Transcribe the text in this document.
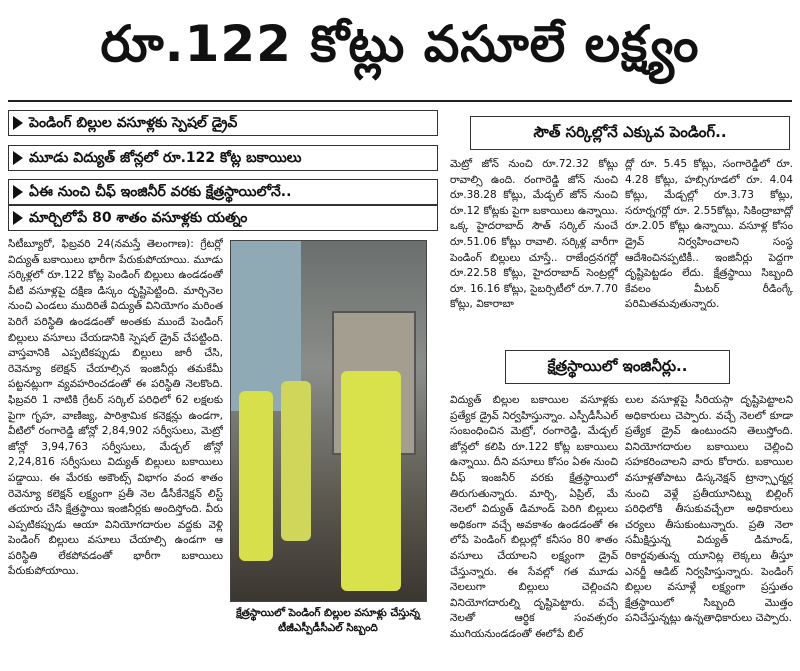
రూ.122 కోట్లు వసూలే లక్ష్యం
పెండింగ్ బిల్లుల వసూళ్లకు స్పెషల్ డ్రైవ్
మూడు విద్యుత్ జోన్లలో రూ.122 కోట్ల బకాయిలు
ఏఈ నుంచి చీఫ్ ఇంజినీర్ వరకు క్షేత్రస్థాయిలోనే..
మార్చిలోపే 80 శాతం వసూళ్లకు యత్నం
సిటీబ్యూరో, ఫిబ్రవరి 24(నమస్తే తెలంగాణ): గ్రేటర్లో విద్యుత్ బకాయిలు భారీగా పేరుకుపోయాయి. మూడు సర్కిళ్లలో రూ.122 కోట్ల పెండింగ్ బిల్లులు ఉండడంతో వీటి వసూళ్లపై దక్షిణ డిస్కం దృష్టిపెట్టింది. మార్చినెల నుంచి ఎండలు ముదిరితే విద్యుత్ వినియోగం మరింత పెరిగే పరిస్థితి ఉండడంతో అంతకు ముందే పెండింగ్ బిల్లులు వసూలు చేయడానికి స్పెషల్ డ్రైవ్ చేపట్టింది. వాస్తవానికి ఎప్పటికప్పుడు బిల్లులు జారీ చేసి, రెవెన్యూ కలెక్షన్ చేయాల్సిన ఇంజినీర్లు తమకేమీ పట్టనట్లుగా వ్యవహరించడంతో ఈ పరిస్థితి నెలకొంది. ఫిబ్రవరి 1 నాటికి గ్రేటర్ సర్కిల్ పరిధిలో 62 లక్షలకు పైగా గృహ, వాణిజ్య, పారిశ్రామిక కనెక్షన్లు ఉండగా, వీటిలో రంగారెడ్డి జోన్లో 2,84,902 సర్వీసులు, మెట్రో జోన్లో 3,94,763 సర్వీసులు, మేడ్చల్ జోన్లో 2,24,816 సర్వీసులు విద్యుత్ బిల్లులు బకాయిలు పడ్డాయి. ఈ మేరకు అకౌంట్స్ విభాగం వంద శాతం రెవెన్యూ కలెక్షన్ లక్ష్యంగా ప్రతీ నెల డీసీకేనెక్షన్ లిస్ట్ తయారు చేసి క్షేత్రస్థాయి ఇంజినీర్లకు అందిస్తోంది. వీరు ఎప్పటికప్పుడు ఆయా వినియోగదారుల వద్దకు వెళ్లి పెండింగ్ బిల్లులు వసూలు చేయాల్సి ఉండగా ఆ పరిస్థితి లేకపోవడంతో భారీగా బకాయిలు పేరుకుపోయాయి.
క్షేత్రస్థాయిలో పెండింగ్ బిల్లుల వసూళ్లు చేస్తున్న టీజీఎస్పీడీసీఎల్ సిబ్బంది
సౌత్ సర్కిల్లోనే ఎక్కువ పెండింగ్..
మెట్రో జోన్ నుంచి రూ.72.32 కోట్లు రావాల్సి ఉంది. రంగారెడ్డి జోన్ నుంచి రూ.38.28 కోట్లు, మేడ్చల్ జోన్ నుంచి రూ.12 కోట్లకు పైగా బకాయిలు ఉన్నాయి. ఒక్క హైదరాబాద్ సౌత్ సర్కిల్ నుంచే రూ.51.06 కోట్లు రావాలి. సర్కిళ్ల వారీగా పెండింగ్ బిల్లులు చూస్తే.. రాజేంద్రనగర్లో రూ.22.58 కోట్లు, హైదరాబాద్ సెంట్రల్లో రూ. 16.16 కోట్లు, సైబర్సిటీలో రూ.7.70 కోట్లు, వికారాబా
ద్లో రూ. 5.45 కోట్లు, సంగారెడ్డిలో రూ. 4.28 కోట్లు, హబ్సిగూడలో రూ. 4.04 కోట్లు, మేడ్చల్లో రూ.3.73 కోట్లు, సరూర్నగర్లో రూ. 2.55కోట్లు, సికింద్రాబాద్లో రూ.2.05 కోట్లు ఉన్నాయి. వసూళ్ల కోసం డ్రైవ్ నిర్వహించాలని సంస్థ ఆదేశించినప్పటికీ.. ఇంజినీర్లు పెద్దగా దృష్టిపెట్టడం లేదు. క్షేత్రస్థాయి సిబ్బంది కేవలం మీటర్ రీడింగ్కే పరిమితమవుతున్నారు.
క్షేత్రస్థాయిలో ఇంజినీర్లు..
విద్యుత్ బిల్లుల బకాయిల వసూళ్లకు ప్రత్యేక డ్రైవ్ నిర్వహిస్తున్నాం. ఎస్పీడీసీఎల్ సంబంధించిన మెట్రో, రంగారెడ్డి, మేడ్చల్ జోన్లలో కలిపి రూ.122 కోట్ల బకాయిలు ఉన్నాయి. దీని వసూలు కోసం ఏఈ నుంచి చీఫ్ ఇంజనీర్ వరకు క్షేత్రస్థాయిలో తిరుగుతున్నారు. మార్చి, ఏప్రిల్, మే నెలలో విద్యుత్ డిమాండ్ పెరిగి బిల్లులు అధికంగా వచ్చే అవకాశం ఉండడంతో ఈ లోపే పెండింగ్ బిల్లుల్లో కనీసం 80 శాతం వసూలు చేయాలని లక్ష్యంగా డ్రైవ్ చేస్తున్నారు. ఈ సేవల్లో గత మూడు నెలలుగా బిల్లులు చెల్లించని వినియోగదారుల్ని దృష్టిపెట్టారు. వచ్చే నెలతో ఆర్థిక సంవత్సరం ముగియనుండడంతో ఈలోపే బిల్
లుల వసూళ్లపై సీరియస్గా దృష్టిపెట్టాలని అధికారులు చెప్పారు. వచ్చే నెలలో కూడా ప్రత్యేక డ్రైవ్ ఉంటుందని తెలుస్తోంది. వినియోగదారుల బకాయిలు చెల్లించి సహకరించాలని వారు కోరారు. బకాయిల వసూళ్లతోపాటు డిస్కనెక్షన్ ట్రాన్స్ఫార్మర్ల నుంచి వెళ్లే ప్రతీయూనిట్ను బిల్లింగ్ పరిధిలోకి తీసుకువచ్చేలా అధికారులు చర్యలు తీసుకుంటున్నారు. ప్రతి నెలా సమీక్షిస్తున్న విద్యుత్ డిమాండ్, రికార్డవుతున్న యూనిట్ల లెక్కలు తీస్తూ ఎనర్జీ ఆడిట్ నిర్వహిస్తున్నారు. పెండింగ్ బిల్లుల వసూళ్లే లక్ష్యంగా ప్రస్తుతం క్షేత్రస్థాయిలో సిబ్బంది మొత్తం పనిచేస్తున్నట్లు ఉన్నతాధికారులు చెప్పారు.
